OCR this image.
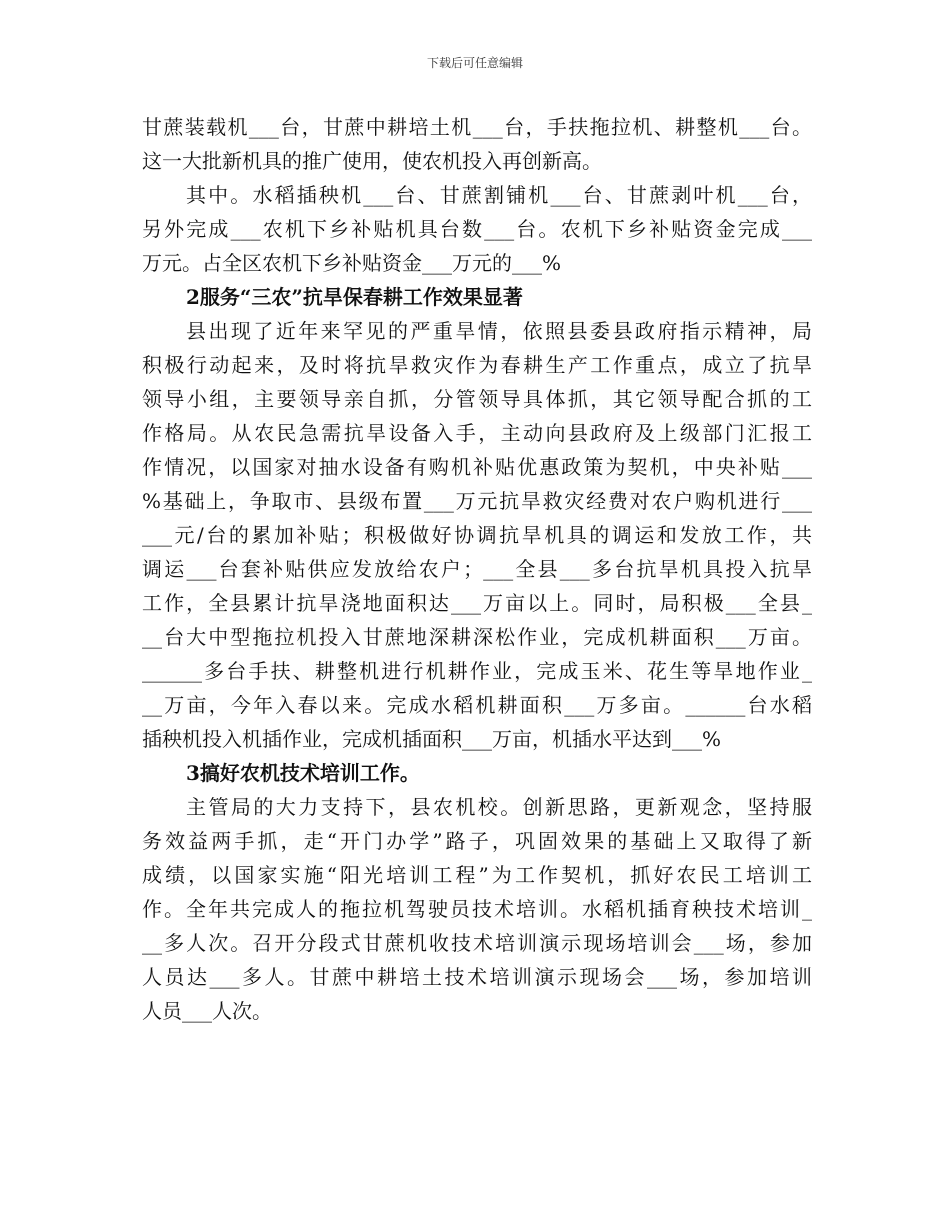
下载后可任意编辑
甘蔗装载机___台，甘蔗中耕培土机___台，手扶拖拉机、耕整机___台。
这一大批新机具的推广使用，使农机投入再创新高。
其中。水稻插秧机___台、甘蔗割铺机___台、甘蔗剥叶机___台，
另外完成___农机下乡补贴机具台数___台。农机下乡补贴资金完成___
万元。占全区农机下乡补贴资金___万元的___%
2服务“三农”抗旱保春耕工作效果显著
县出现了近年来罕见的严重旱情，依照县委县政府指示精神，局
积极行动起来，及时将抗旱救灾作为春耕生产工作重点，成立了抗旱
领导小组，主要领导亲自抓，分管领导具体抓，其它领导配合抓的工
作格局。从农民急需抗旱设备入手，主动向县政府及上级部门汇报工
作情况，以国家对抽水设备有购机补贴优惠政策为契机，中央补贴___
%基础上，争取市、县级布置___万元抗旱救灾经费对农户购机进行___
___元/台的累加补贴；积极做好协调抗旱机具的调运和发放工作，共
调运___台套补贴供应发放给农户；___全县___多台抗旱机具投入抗旱
工作，全县累计抗旱浇地面积达___万亩以上。同时，局积极___全县_
__台大中型拖拉机投入甘蔗地深耕深松作业，完成机耕面积___万亩。
______多台手扶、耕整机进行机耕作业，完成玉米、花生等旱地作业_
__万亩，今年入春以来。完成水稻机耕面积___万多亩。______台水稻
插秧机投入机插作业，完成机插面积___万亩，机插水平达到___%
3搞好农机技术培训工作。
主管局的大力支持下，县农机校。创新思路，更新观念，坚持服
务效益两手抓，走“开门办学”路子，巩固效果的基础上又取得了新
成绩，以国家实施“阳光培训工程”为工作契机，抓好农民工培训工
作。全年共完成人的拖拉机驾驶员技术培训。水稻机插育秧技术培训_
__多人次。召开分段式甘蔗机收技术培训演示现场培训会___场，参加
人员达___多人。甘蔗中耕培土技术培训演示现场会___场，参加培训
人员___人次。
